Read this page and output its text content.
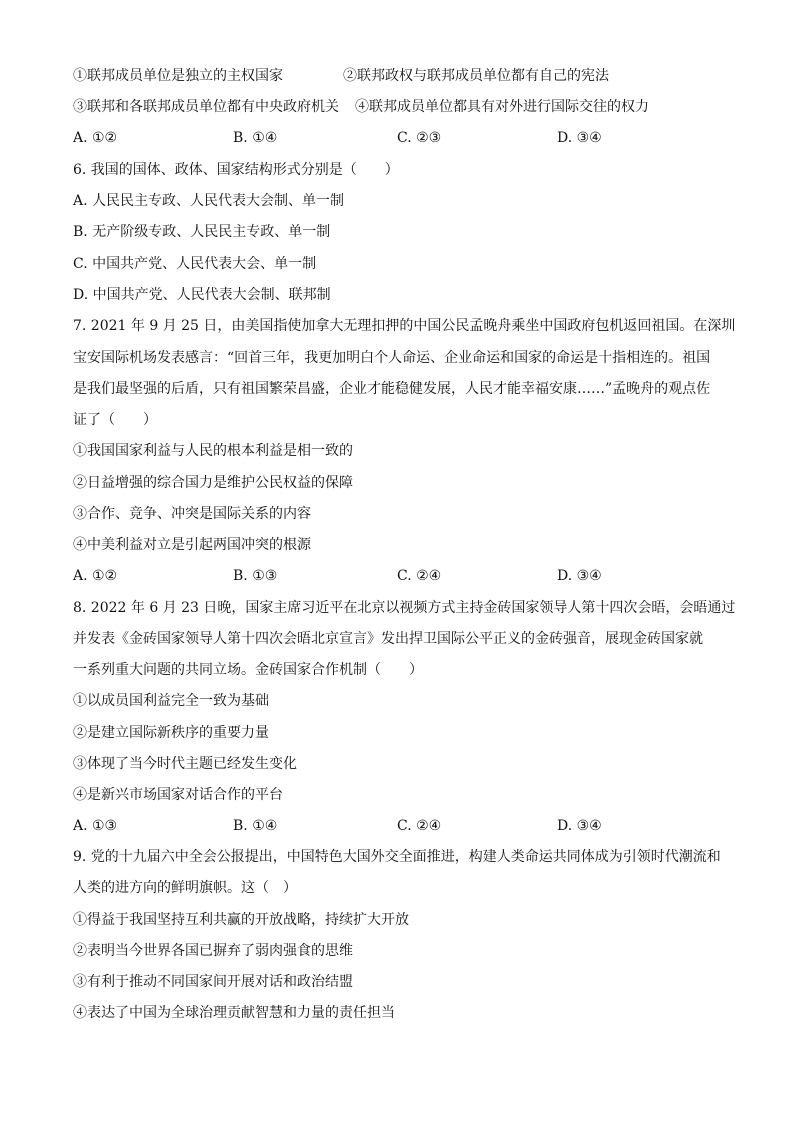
①联邦成员单位是独立的主权国家	②联邦政权与联邦成员单位都有自己的宪法
③联邦和各联邦成员单位都有中央政府机关 ④联邦成员单位都具有对外进行国际交往的权力
A. ①②	B. ①④	C. ②③	D. ③④
6. 我国的国体、政体、国家结构形式分别是（　　）
A. 人民民主专政、人民代表大会制、单一制
B. 无产阶级专政、人民民主专政、单一制
C. 中国共产党、人民代表大会、单一制
D. 中国共产党、人民代表大会制、联邦制
7. 2021 年 9 月 25 日，由美国指使加拿大无理扣押的中国公民孟晚舟乘坐中国政府包机返回祖国。在深圳
宝安国际机场发表感言：“回首三年，我更加明白个人命运、企业命运和国家的命运是十指相连的。祖国
是我们最坚强的后盾，只有祖国繁荣昌盛，企业才能稳健发展，人民才能幸福安康……”孟晚舟的观点佐
证了（　　）
①我国国家利益与人民的根本利益是相一致的
②日益增强的综合国力是维护公民权益的保障
③合作、竞争、冲突是国际关系的内容
④中美利益对立是引起两国冲突的根源
A. ①②	B. ①③	C. ②④	D. ③④
8. 2022 年 6 月 23 日晚，国家主席习近平在北京以视频方式主持金砖国家领导人第十四次会晤，会晤通过
并发表《金砖国家领导人第十四次会晤北京宣言》发出捍卫国际公平正义的金砖强音，展现金砖国家就
一系列重大问题的共同立场。金砖国家合作机制（　　）
①以成员国利益完全一致为基础
②是建立国际新秩序的重要力量
③体现了当今时代主题已经发生变化
④是新兴市场国家对话合作的平台
A. ①③	B. ①④	C. ②④	D. ③④
9. 党的十九届六中全会公报提出，中国特色大国外交全面推进，构建人类命运共同体成为引领时代潮流和
人类的进方向的鲜明旗帜。这（　）
①得益于我国坚持互利共赢的开放战略，持续扩大开放
②表明当今世界各国已摒弃了弱肉强食的思维
③有利于推动不同国家间开展对话和政治结盟
④表达了中国为全球治理贡献智慧和力量的责任担当
